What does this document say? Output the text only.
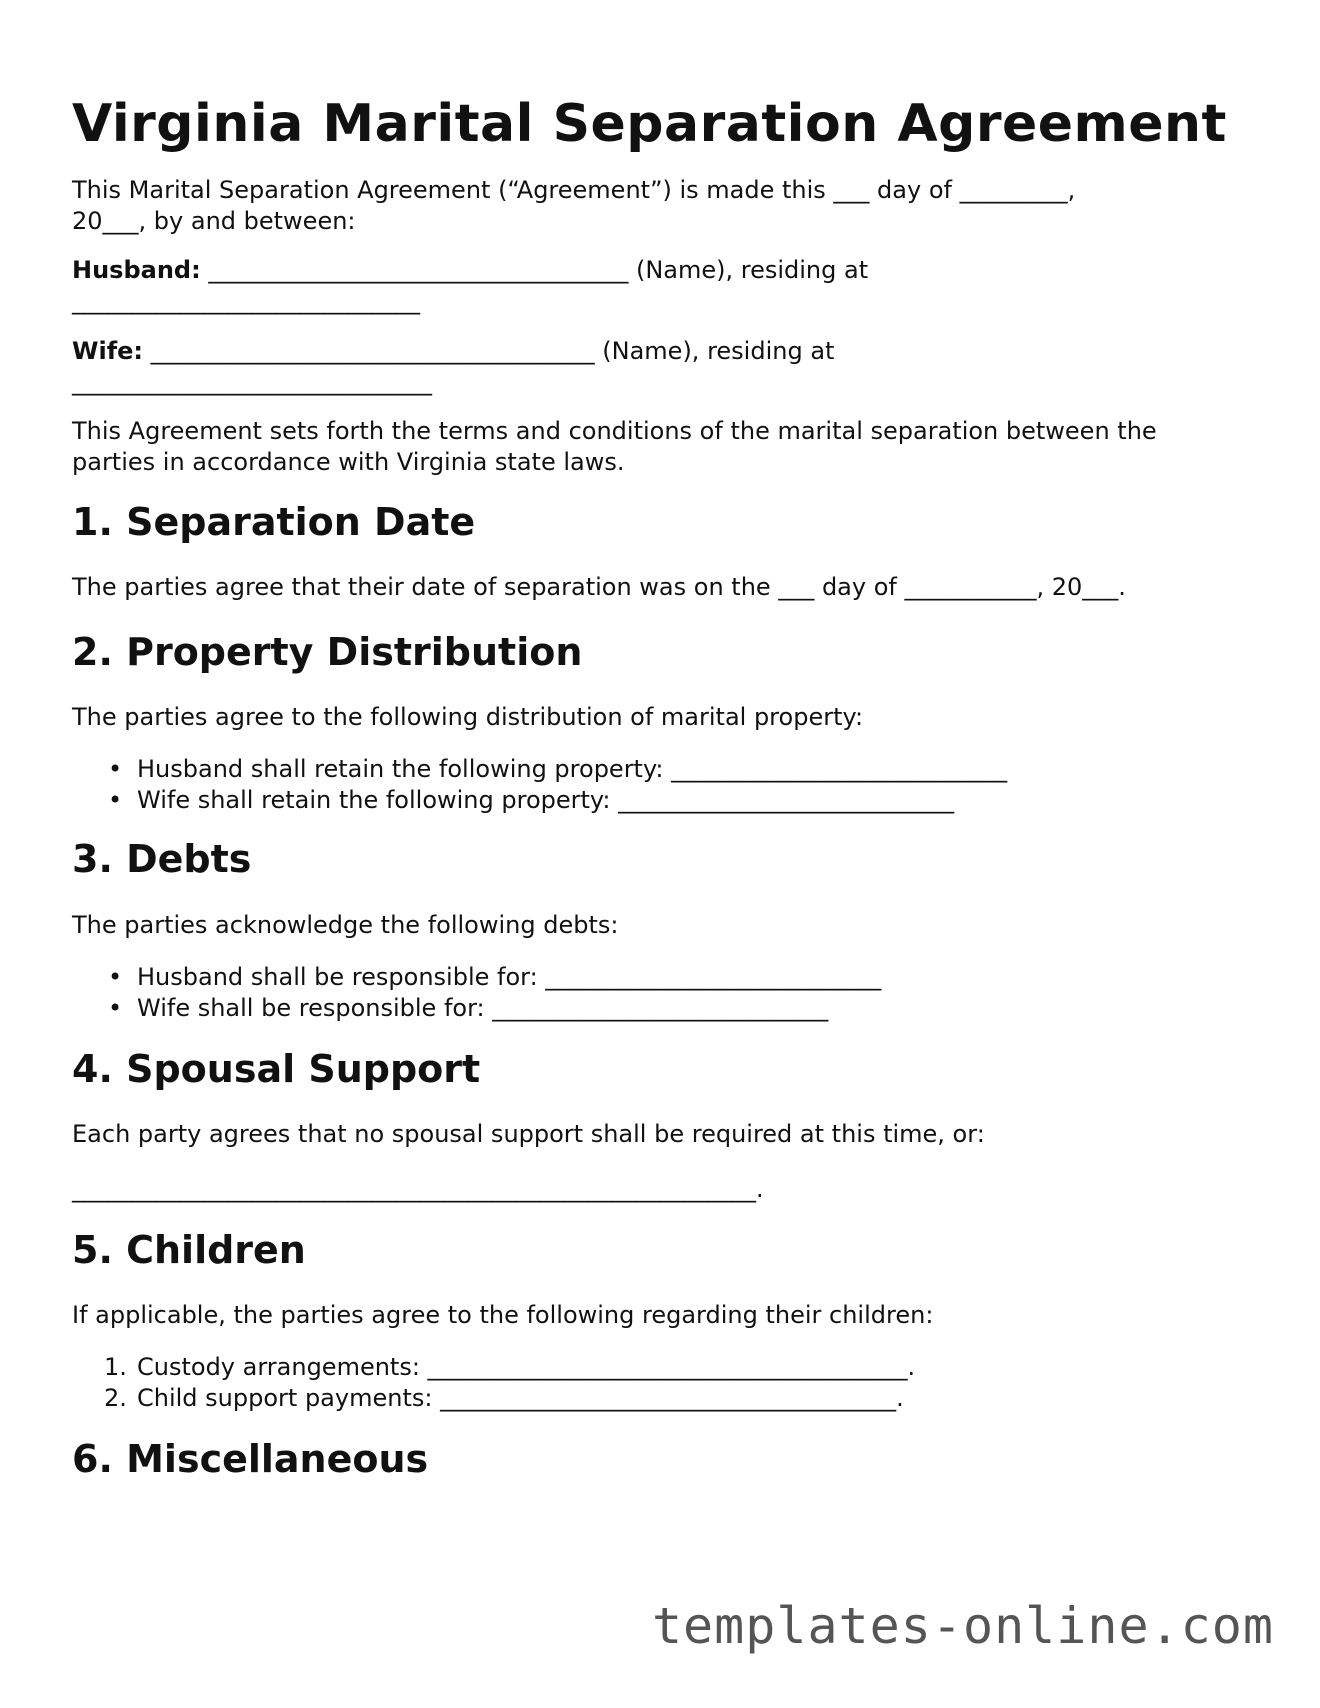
Virginia Marital Separation Agreement
This Marital Separation Agreement (“Agreement”) is made this ___ day of _________,
20___, by and between:
Husband: ___________________________________ (Name), residing at
_____________________________
Wife: _____________________________________ (Name), residing at
______________________________
This Agreement sets forth the terms and conditions of the marital separation between the
parties in accordance with Virginia state laws.
1. Separation Date
The parties agree that their date of separation was on the ___ day of ___________, 20___.
2. Property Distribution
The parties agree to the following distribution of marital property:
• Husband shall retain the following property: ____________________________
• Wife shall retain the following property: ____________________________
3. Debts
The parties acknowledge the following debts:
• Husband shall be responsible for: ____________________________
• Wife shall be responsible for: ____________________________
4. Spousal Support
Each party agrees that no spousal support shall be required at this time, or:
_________________________________________________________.
5. Children
If applicable, the parties agree to the following regarding their children:
1. Custody arrangements: ________________________________________.
2. Child support payments: ______________________________________.
6. Miscellaneous
templates-online.com
